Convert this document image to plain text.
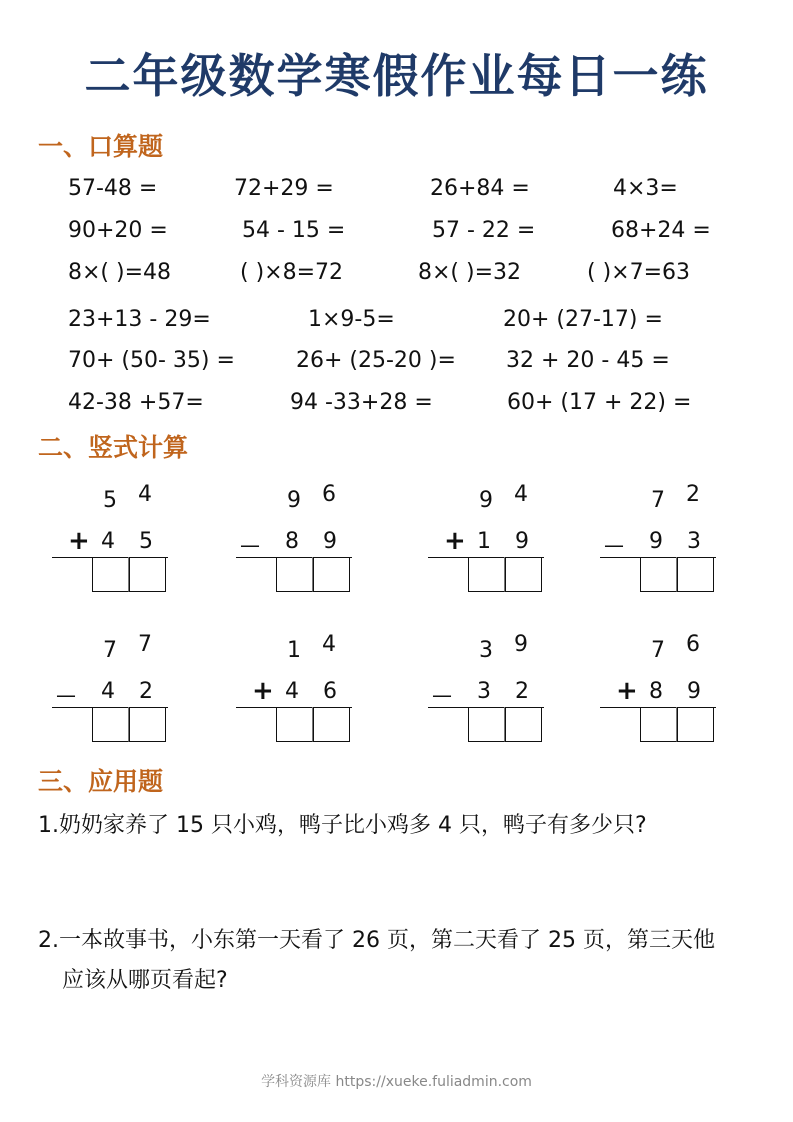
二年级数学寒假作业每日一练
一、口算题
57-48 =	72+29 =	26+84 =	4×3=
90+20 =	54 - 15 =	57 - 22 =	68+24 =
8×( )=48	( )×8=72	8×( )=32	( )×7=63
23+13 - 29=	1×9-5=	20+ (27-17) =
70+ (50- 35) =	26+ (25-20 )= 32 + 20 - 45 =
42-38 +57=	94 -33+28 =	60+ (17 + 22) =
二、竖式计算
5 4
+ 4 5
9 6
— 8 9
9 4
+ 1 9
7 2
— 9 3
7 7
— 4 2
1 4
+ 4 6
3 9
— 3 2
7 6
+ 8 9
三、应用题
1.奶奶家养了 15 只小鸡，鸭子比小鸡多 4 只，鸭子有多少只?
2.一本故事书，小东第一天看了 26 页，第二天看了 25 页，第三天他
应该从哪页看起?
学科资源库 https://xueke.fuliadmin.com
